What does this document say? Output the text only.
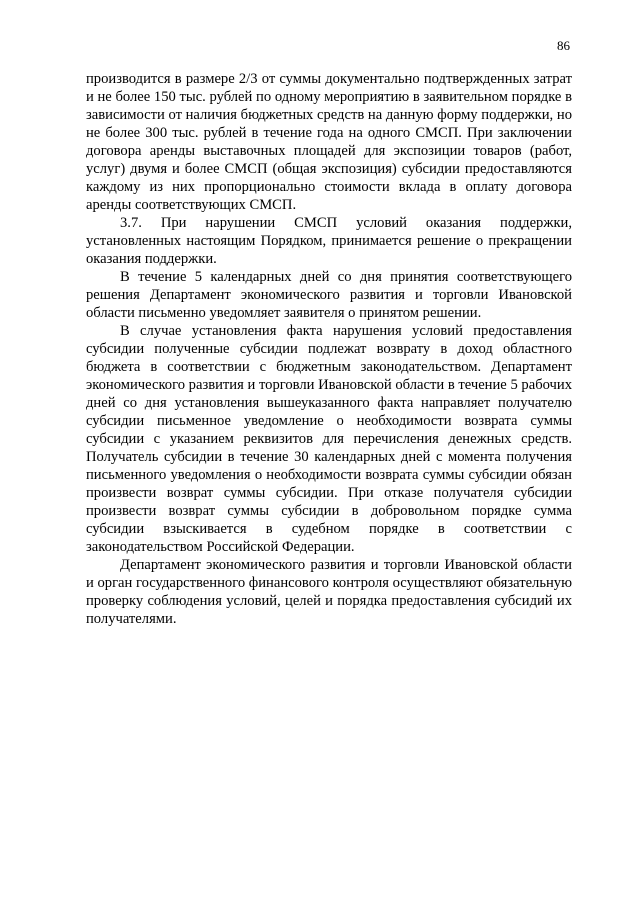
86

производится в размере 2/3 от суммы документально подтвержденных затрат и не более 150 тыс. рублей по одному мероприятию в заявительном порядке в зависимости от наличия бюджетных средств на данную форму поддержки, но не более 300 тыс. рублей в течение года на одного СМСП. При заключении договора аренды выставочных площадей для экспозиции товаров (работ, услуг) двумя и более СМСП (общая экспозиция) субсидии предоставляются каждому из них пропорционально стоимости вклада в оплату договора аренды соответствующих СМСП.

3.7. При нарушении СМСП условий оказания поддержки, установленных настоящим Порядком, принимается решение о прекращении оказания поддержки.

В течение 5 календарных дней со дня принятия соответствующего решения Департамент экономического развития и торговли Ивановской области письменно уведомляет заявителя о принятом решении.

В случае установления факта нарушения условий предоставления субсидии полученные субсидии подлежат возврату в доход областного бюджета в соответствии с бюджетным законодательством. Департамент экономического развития и торговли Ивановской области в течение 5 рабочих дней со дня установления вышеуказанного факта направляет получателю субсидии письменное уведомление о необходимости возврата суммы субсидии с указанием реквизитов для перечисления денежных средств. Получатель субсидии в течение 30 календарных дней с момента получения письменного уведомления о необходимости возврата суммы субсидии обязан произвести возврат суммы субсидии. При отказе получателя субсидии произвести возврат суммы субсидии в добровольном порядке сумма субсидии взыскивается в судебном порядке в соответствии с законодательством Российской Федерации.

Департамент экономического развития и торговли Ивановской области и орган государственного финансового контроля осуществляют обязательную проверку соблюдения условий, целей и порядка предоставления субсидий их получателями.
